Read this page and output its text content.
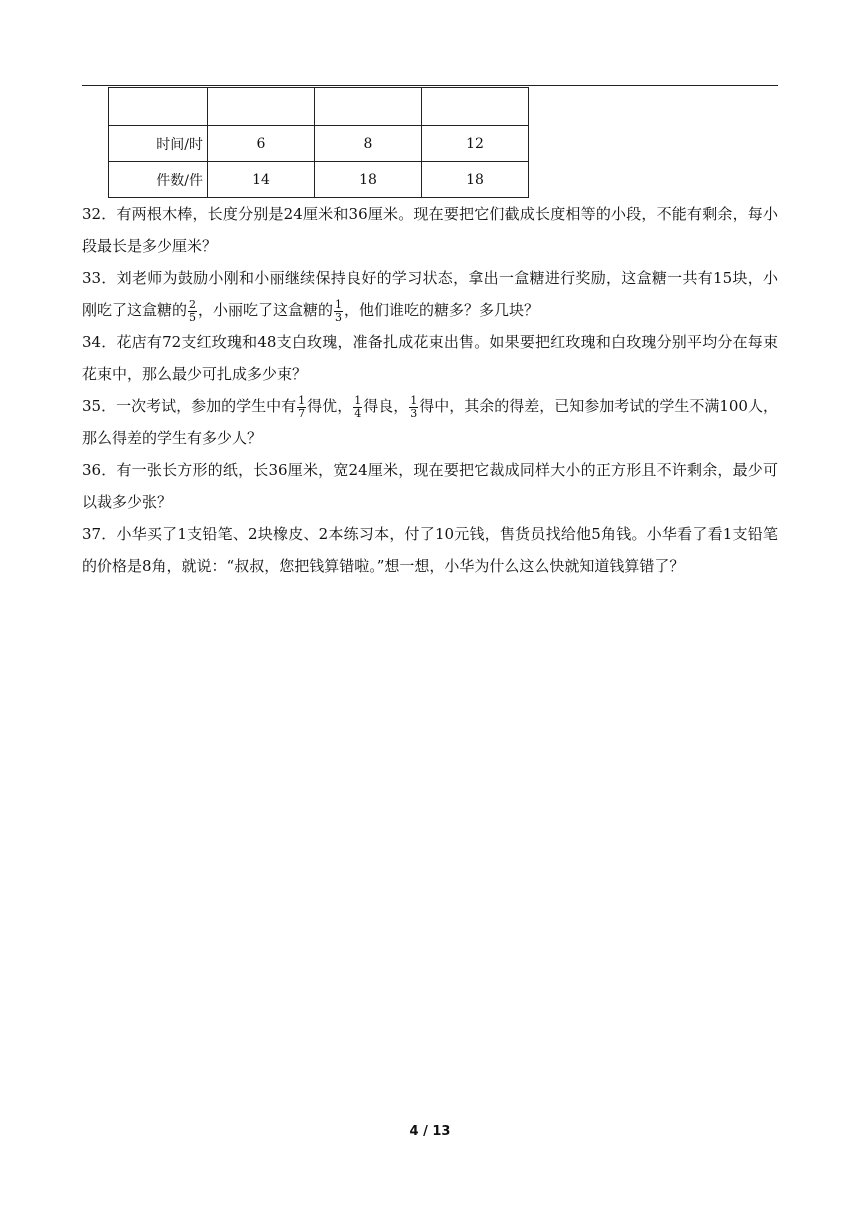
时间/时	6	8	12
件数/件	14	18	18

32．有两根木棒，长度分别是24厘米和36厘米。现在要把它们截成长度相等的小段，不能有剩余，每小段最长是多少厘米？

33．刘老师为鼓励小刚和小丽继续保持良好的学习状态，拿出一盒糖进行奖励，这盒糖一共有15块，小刚吃了这盒糖的 $\frac{2}{5}$ ，小丽吃了这盒糖的 $\frac{1}{3}$ ，他们谁吃的糖多？多几块？

34．花店有72支红玫瑰和48支白玫瑰，准备扎成花束出售。如果要把红玫瑰和白玫瑰分别平均分在每束花束中，那么最少可扎成多少束？

35．一次考试，参加的学生中有 $\frac{1}{7}$ 得优， $\frac{1}{4}$ 得良， $\frac{1}{3}$ 得中，其余的得差，已知参加考试的学生不满100人，那么得差的学生有多少人？

36．有一张长方形的纸，长36厘米，宽24厘米，现在要把它裁成同样大小的正方形且不许剩余，最少可以裁多少张？

37．小华买了1支铅笔、2块橡皮、2本练习本，付了10元钱，售货员找给他5角钱。小华看了看1支铅笔的价格是8角，就说：“叔叔，您把钱算错啦。”想一想，小华为什么这么快就知道钱算错了？

4 / 13
